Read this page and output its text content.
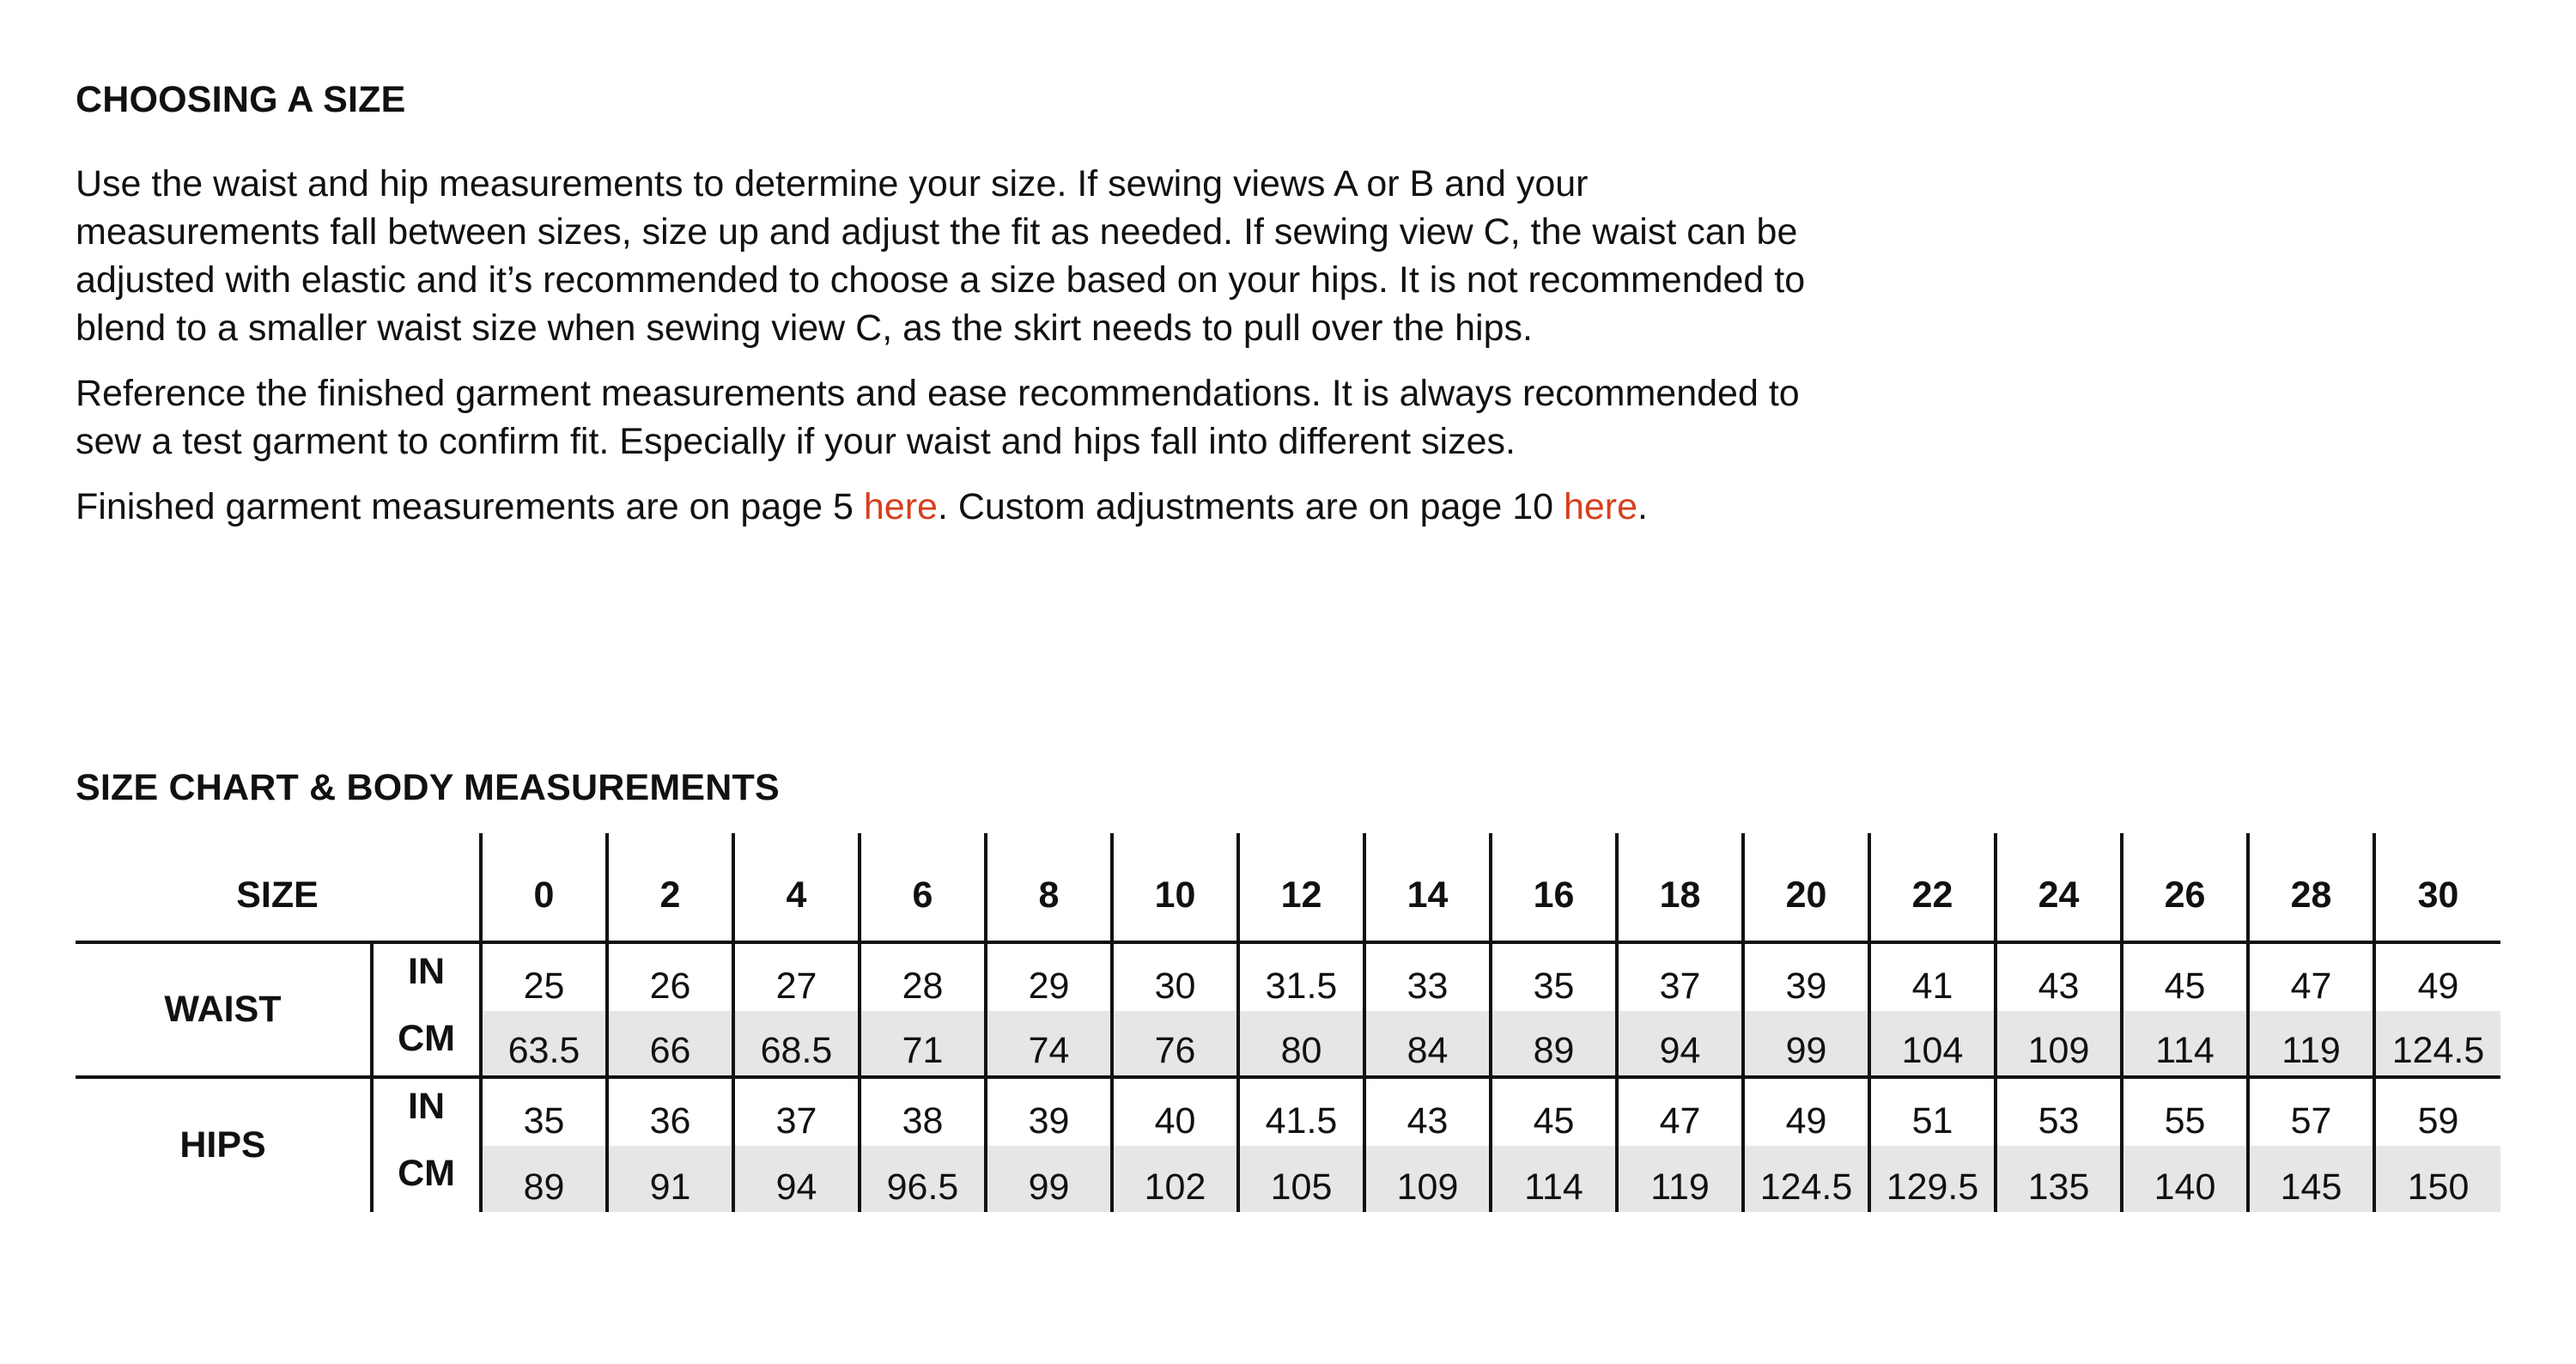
CHOOSING A SIZE

Use the waist and hip measurements to determine your size. If sewing views A or B and your measurements fall between sizes, size up and adjust the fit as needed. If sewing view C, the waist can be adjusted with elastic and it’s recommended to choose a size based on your hips. It is not recommended to blend to a smaller waist size when sewing view C, as the skirt needs to pull over the hips.

Reference the finished garment measurements and ease recommendations. It is always recommended to sew a test garment to confirm fit. Especially if your waist and hips fall into different sizes.

Finished garment measurements are on page 5 here. Custom adjustments are on page 10 here.

SIZE CHART & BODY MEASUREMENTS
SIZE		0	2	4	6	8	10	12	14	16	18	20	22	24	26	28	30
WAIST	IN	25	26	27	28	29	30	31.5	33	35	37	39	41	43	45	47	49
	CM	63.5	66	68.5	71	74	76	80	84	89	94	99	104	109	114	119	124.5
HIPS	IN	35	36	37	38	39	40	41.5	43	45	47	49	51	53	55	57	59
	CM	89	91	94	96.5	99	102	105	109	114	119	124.5	129.5	135	140	145	150
